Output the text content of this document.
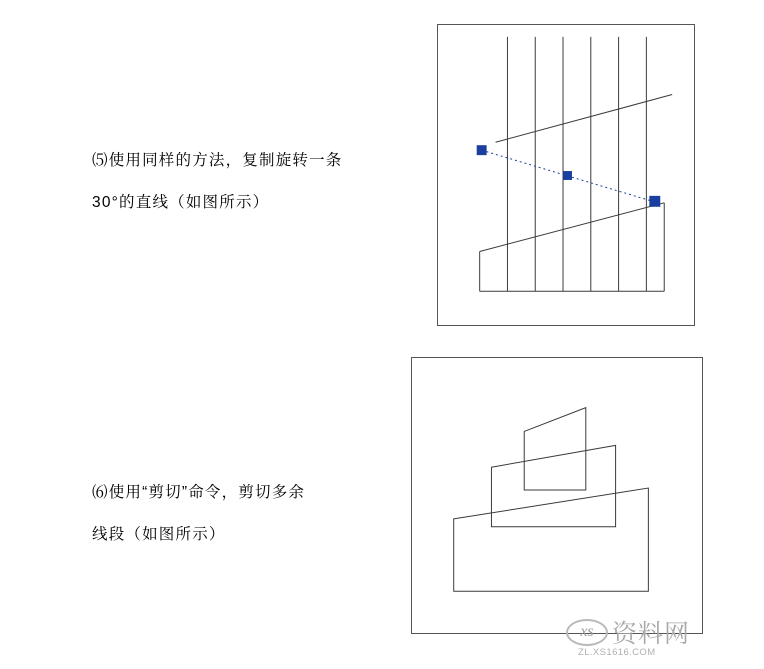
⑸使用同样的方法，复制旋转一条
30°的直线（如图所示）
⑹使用“剪切”命令，剪切多余
线段（如图所示）
xs 资料网
ZL.XS1616.COM
